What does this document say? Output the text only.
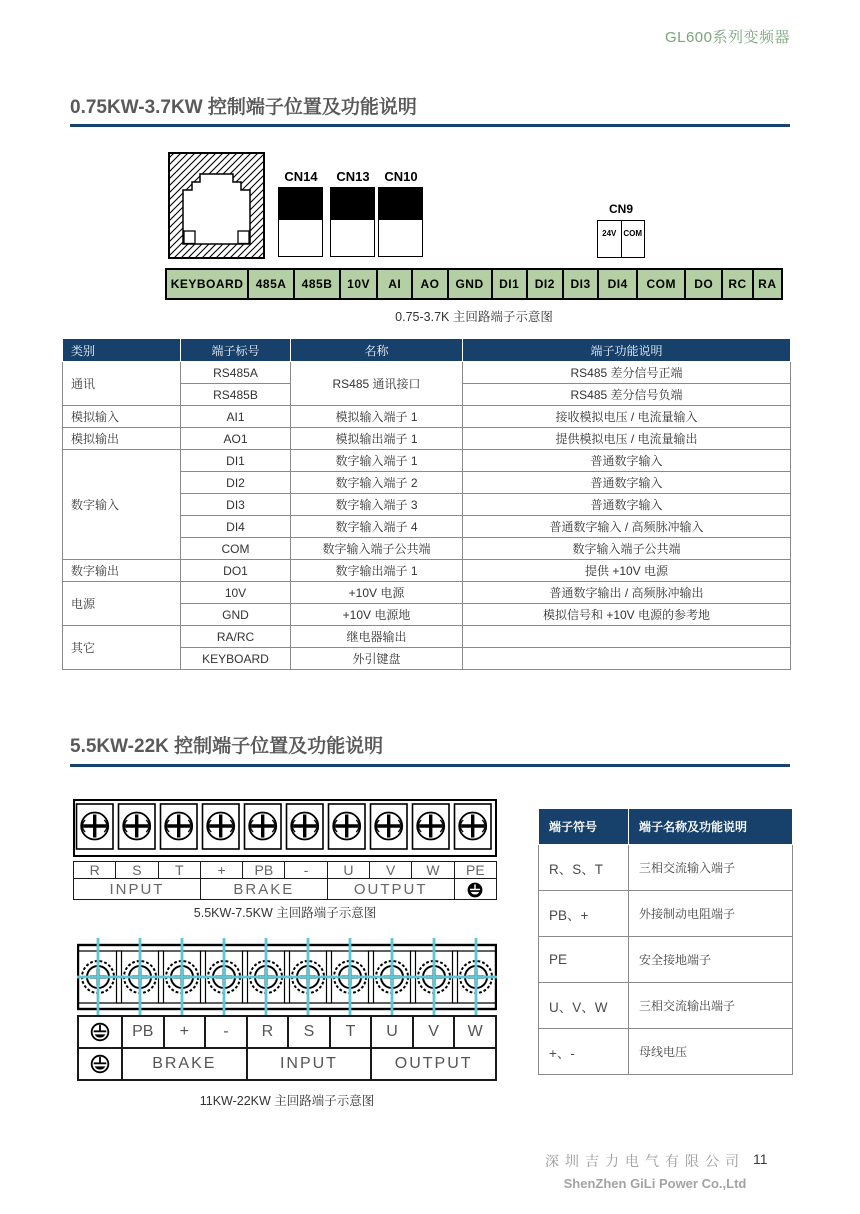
GL600系列变频器
0.75KW-3.7KW 控制端子位置及功能说明
CN14	CN13	CN10
CN9
24V COM
KEYBOARD	485A	485B	10V	AI	AO	GND	DI1	DI2	DI3	DI4	COM	DO	RC RA
0.75-3.7K 主回路端子示意图
类别	端子标号	名称	端子功能说明
通讯	RS485A	RS485 通讯接口	RS485 差分信号正端
	RS485B		RS485 差分信号负端
模拟输入	AI1	模拟输入端子 1	接收模拟电压 / 电流量输入
模拟输出	AO1	模拟输出端子 1	提供模拟电压 / 电流量输出
数字输入	DI1	数字输入端子 1	普通数字输入
	DI2	数字输入端子 2	普通数字输入
	DI3	数字输入端子 3	普通数字输入
	DI4	数字输入端子 4	普通数字输入 / 高频脉冲输入
	COM	数字输入端子公共端	数字输入端子公共端
数字输出	DO1	数字输出端子 1	提供 +10V 电源
电源	10V	+10V 电源	普通数字输出 / 高频脉冲输出
	GND	+10V 电源地	模拟信号和 +10V 电源的参考地
其它	RA/RC	继电器输出	
	KEYBOARD	外引键盘	
5.5KW-22K 控制端子位置及功能说明
R	S	T	+	PB	-	U	V	W	PE
INPUT			BRAKE			OUTPUT	
5.5KW-7.5KW 主回路端子示意图
	PB	+	-	R	S	T	U	V	W
	BRAKE			INPUT			OUTPUT		
11KW-22KW 主回路端子示意图
端子符号	端子名称及功能说明
R、S、T	三相交流输入端子
PB、+	外接制动电阻端子
PE	安全接地端子
U、V、W	三相交流输出端子
+、-	母线电压
深圳吉力电气有限公司 11
ShenZhen GiLi Power Co.,Ltd
